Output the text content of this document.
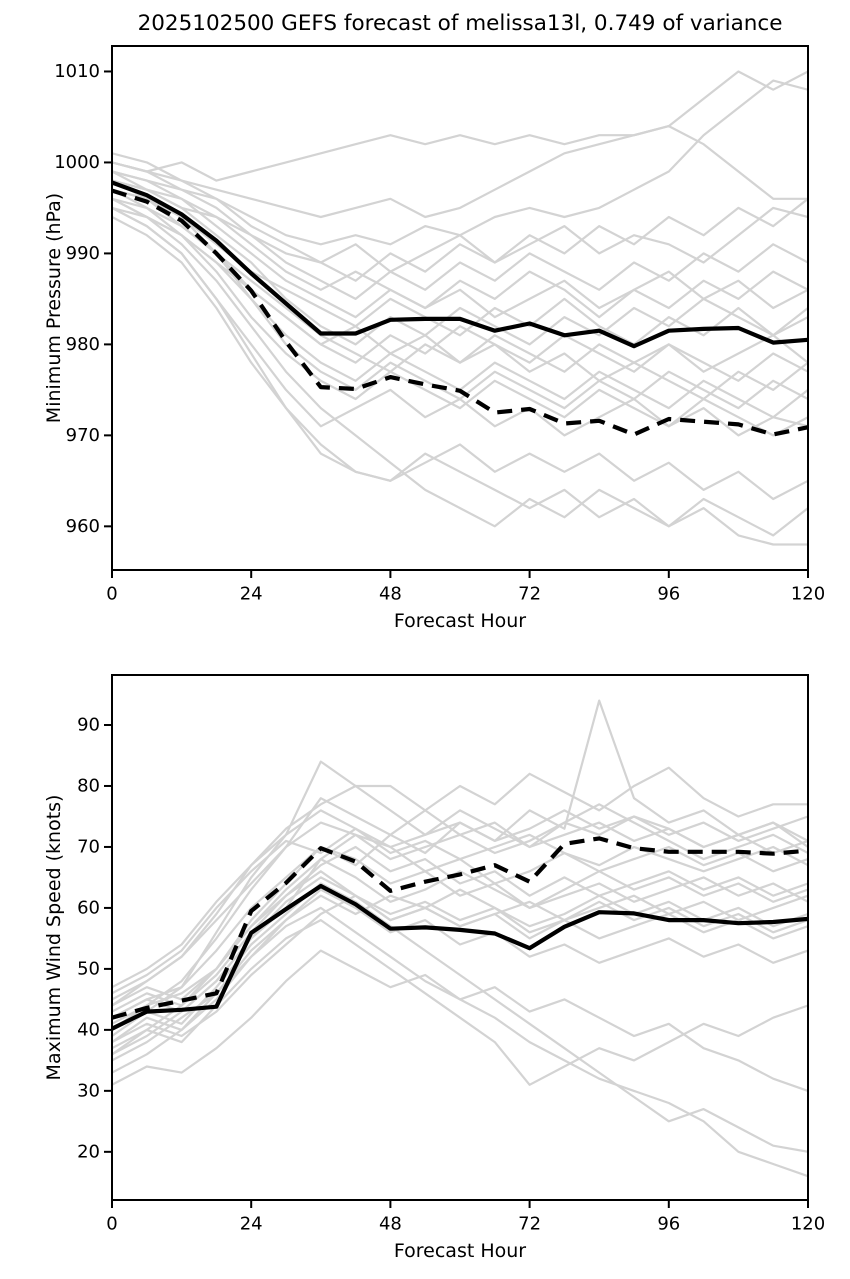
2025102500 GEFS forecast of melissa13l, 0.749 of variance
0	24	48	72	96	120
960
970
980
990
1000
1010
Forecast Hour
Minimum Pressure (hPa)
0	24	48	72	96	120
20
30
40
50
60
70
80
90
Forecast Hour
Maximum Wind Speed (knots)
